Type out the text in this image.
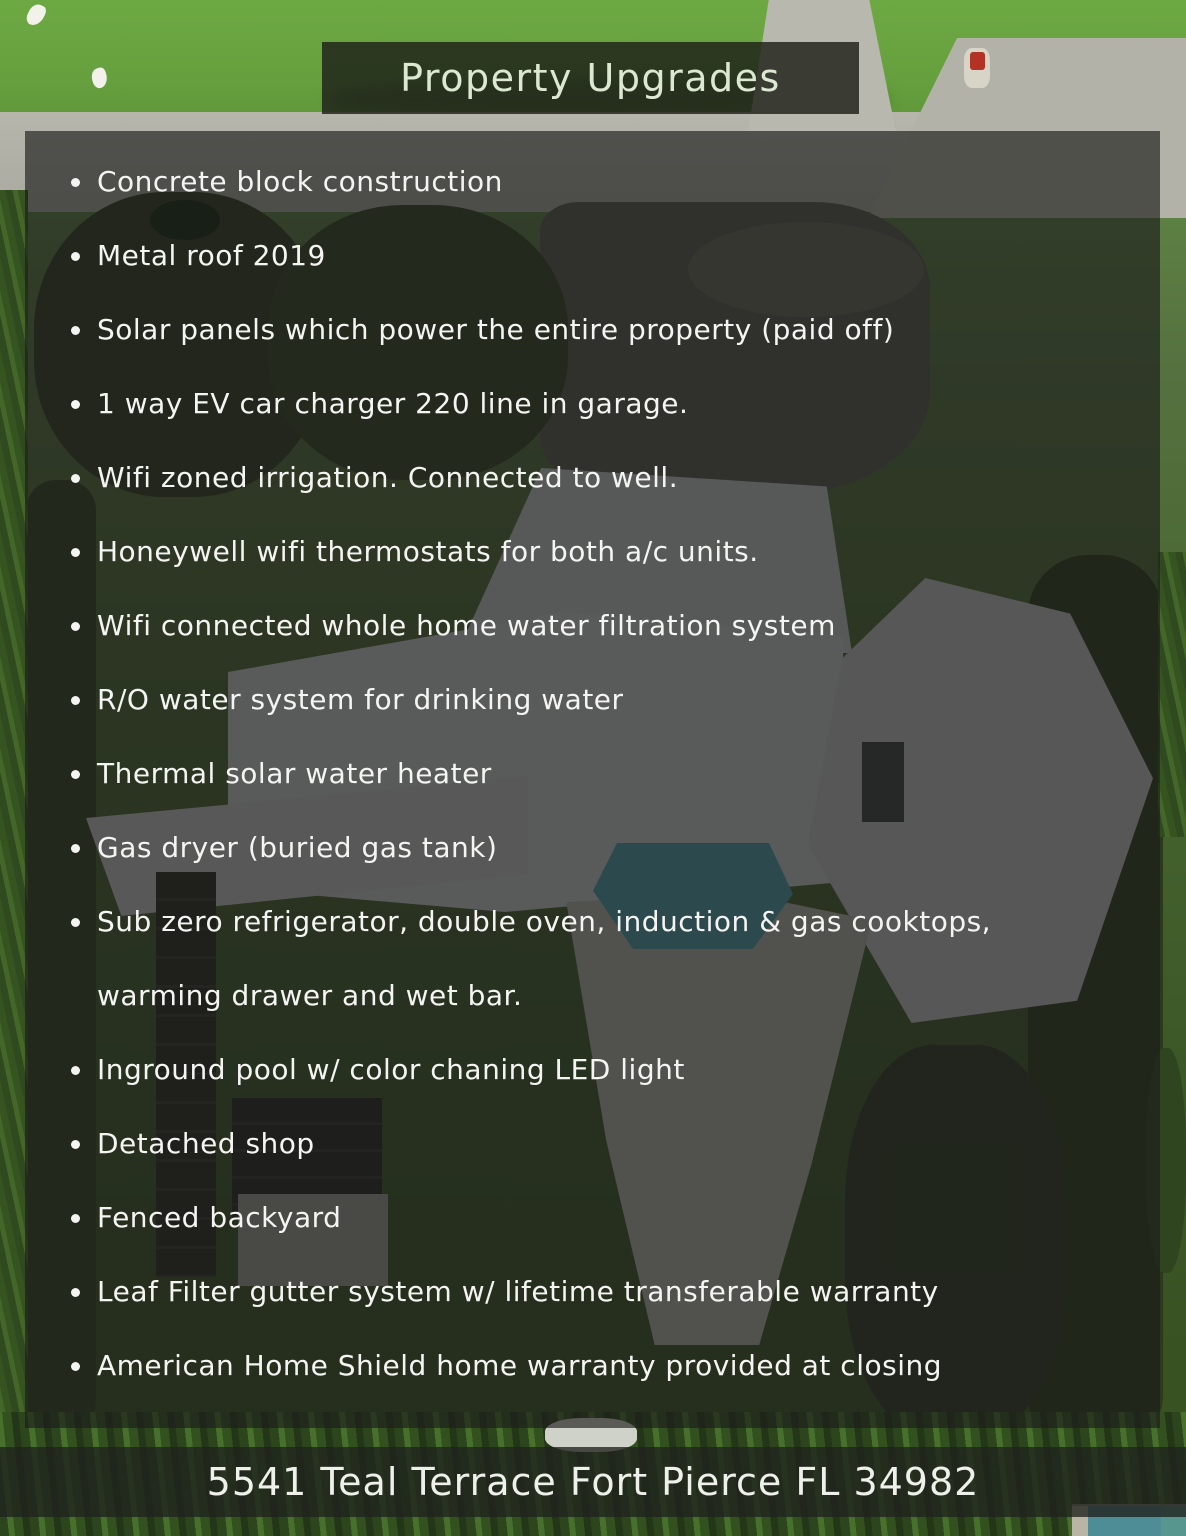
Property Upgrades
Concrete block construction
Metal roof 2019
Solar panels which power the entire property (paid off)
1 way EV car charger 220 line in garage.
Wifi zoned irrigation. Connected to well.
Honeywell wifi thermostats for both a/c units.
Wifi connected whole home water filtration system
R/O water system for drinking water
Thermal solar water heater
Gas dryer (buried gas tank)
Sub zero refrigerator, double oven, induction & gas cooktops, warming drawer and wet bar.
Inground pool w/ color chaning LED light
Detached shop
Fenced backyard
Leaf Filter gutter system w/ lifetime transferable warranty
American Home Shield home warranty provided at closing
5541 Teal Terrace Fort Pierce FL 34982
